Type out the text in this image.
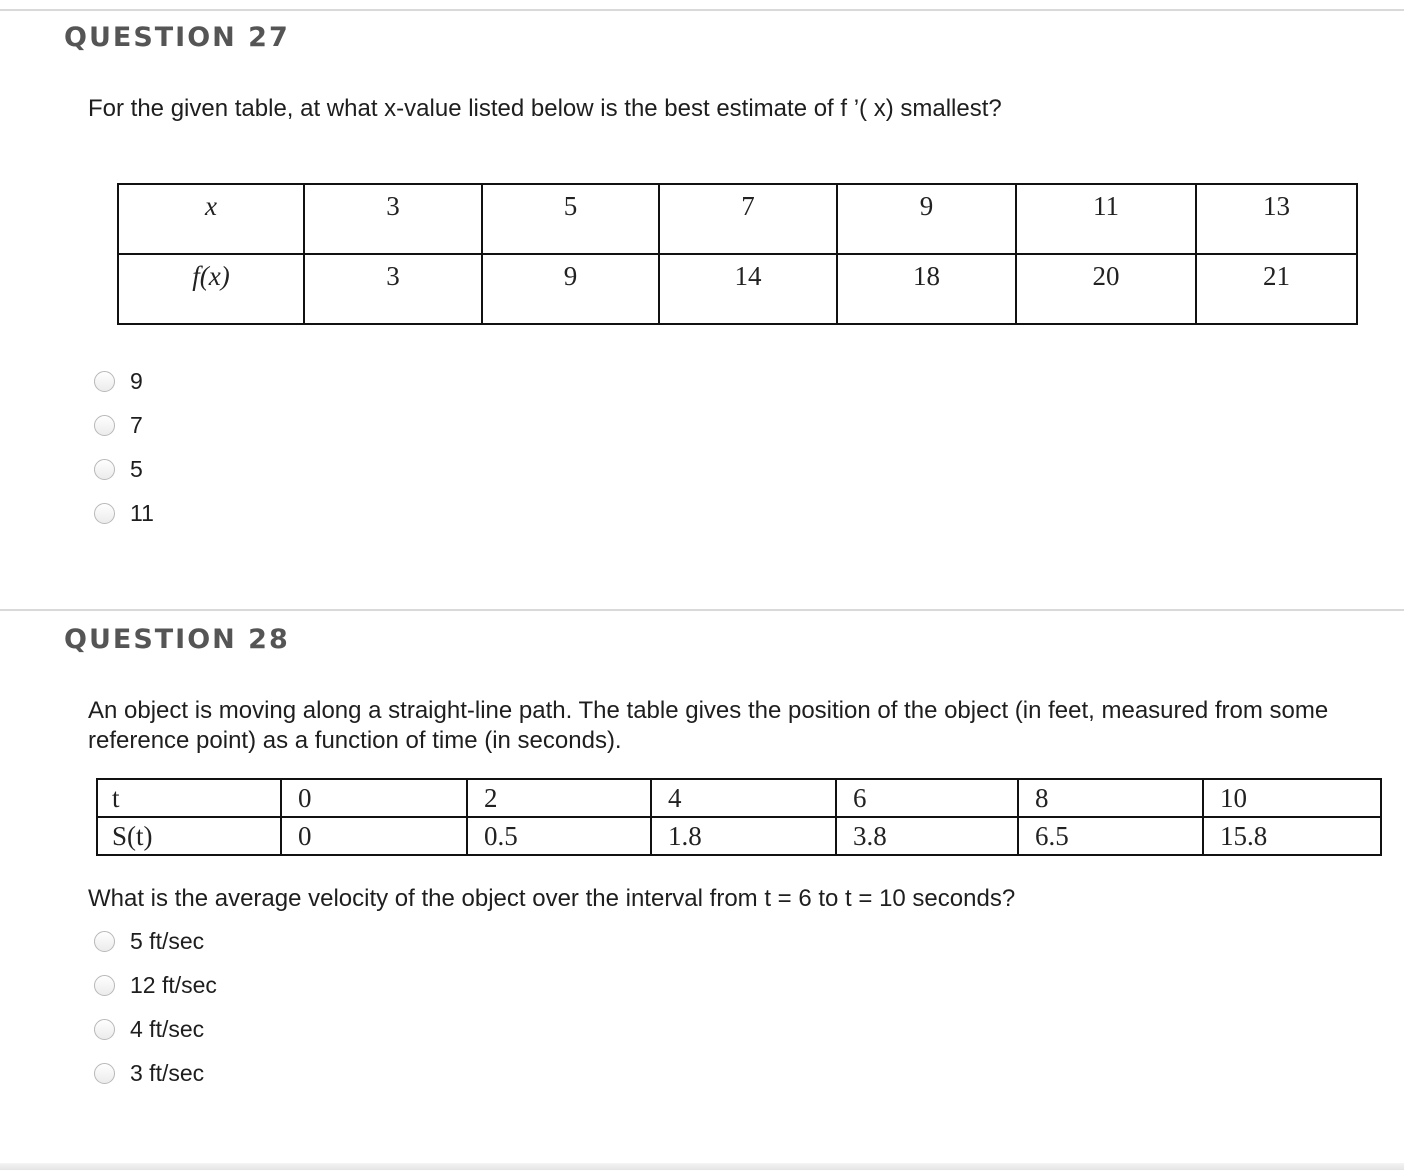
QUESTION 27
For the given table, at what x-value listed below is the best estimate of f ’( x) smallest?
x	3	5	7	9	11	13
f(x)	3	9	14	18	20	21
9
7
5
11
QUESTION 28
An object is moving along a straight-line path. The table gives the position of the object (in feet, measured from some reference point) as a function of time (in seconds).
t	0	2	4	6	8	10
S(t)	0	0.5	1.8	3.8	6.5	15.8
What is the average velocity of the object over the interval from t = 6 to t = 10 seconds?
5 ft/sec
12 ft/sec
4 ft/sec
3 ft/sec
